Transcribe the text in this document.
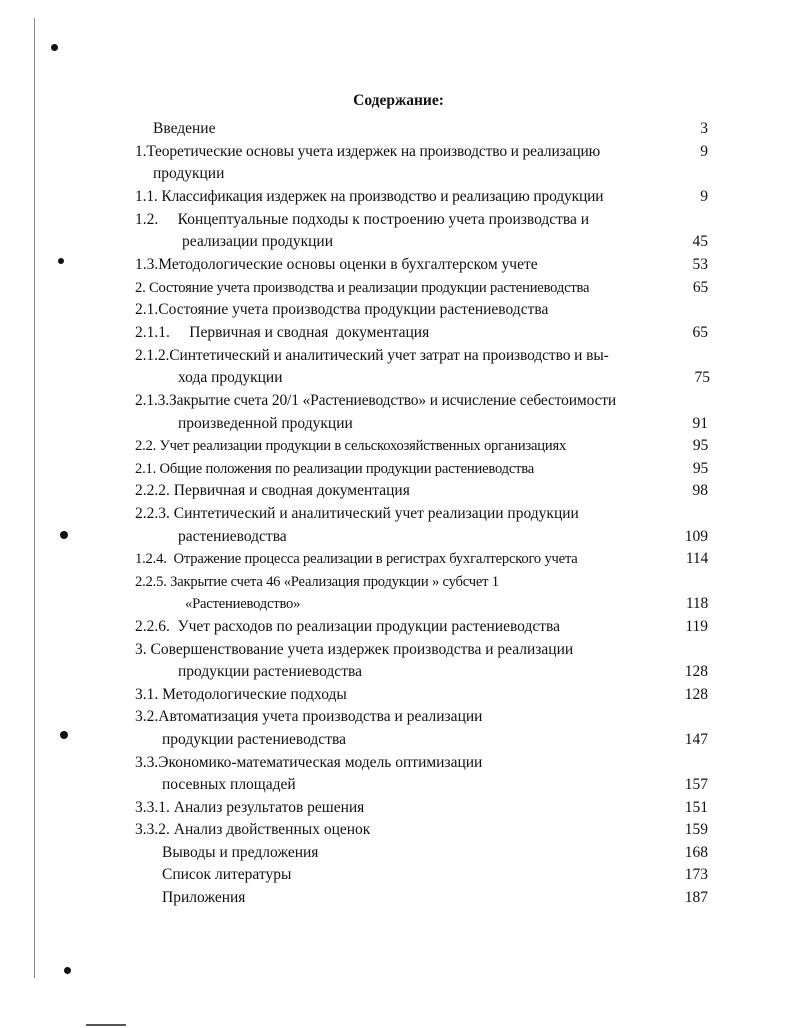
Содержание:
Введение	3
1.Теоретические основы учета издержек на производство и реализацию	9
продукции
1.1. Классификация издержек на производство и реализацию продукции	9
1.2.     Концептуальные подходы к построению учета производства и
реализации продукции	45
1.3.Методологические основы оценки в бухгалтерском учете	53
2. Состояние учета производства и реализации продукции растениеводства	65
2.1.Состояние учета производства продукции растениеводства
2.1.1.     Первичная и сводная  документация	65
2.1.2.Синтетический и аналитический учет затрат на производство и вы-
хода продукции	75
2.1.3.Закрытие счета 20/1 «Растениеводство» и исчисление себестоимости
произведенной продукции	91
2.2. Учет реализации продукции в сельскохозяйственных организациях	95
2.1. Общие положения по реализации продукции растениеводства	95
2.2.2. Первичная и сводная документация	98
2.2.3. Синтетический и аналитический учет реализации продукции
растениеводства	109
1.2.4.  Отражение процесса реализации в регистрах бухгалтерского учета	114
2.2.5. Закрытие счета 46 «Реализация продукции » субсчет 1
«Растениеводство»	118
2.2.6.  Учет расходов по реализации продукции растениеводства	119
3. Совершенствование учета издержек производства и реализации
продукции растениеводства	128
3.1. Методологические подходы	128
3.2.Автоматизация учета производства и реализации
продукции растениеводства	147
3.3.Экономико-математическая модель оптимизации
посевных площадей	157
3.3.1. Анализ результатов решения	151
3.3.2. Анализ двойственных оценок	159
Выводы и предложения	168
Список литературы	173
Приложения	187
